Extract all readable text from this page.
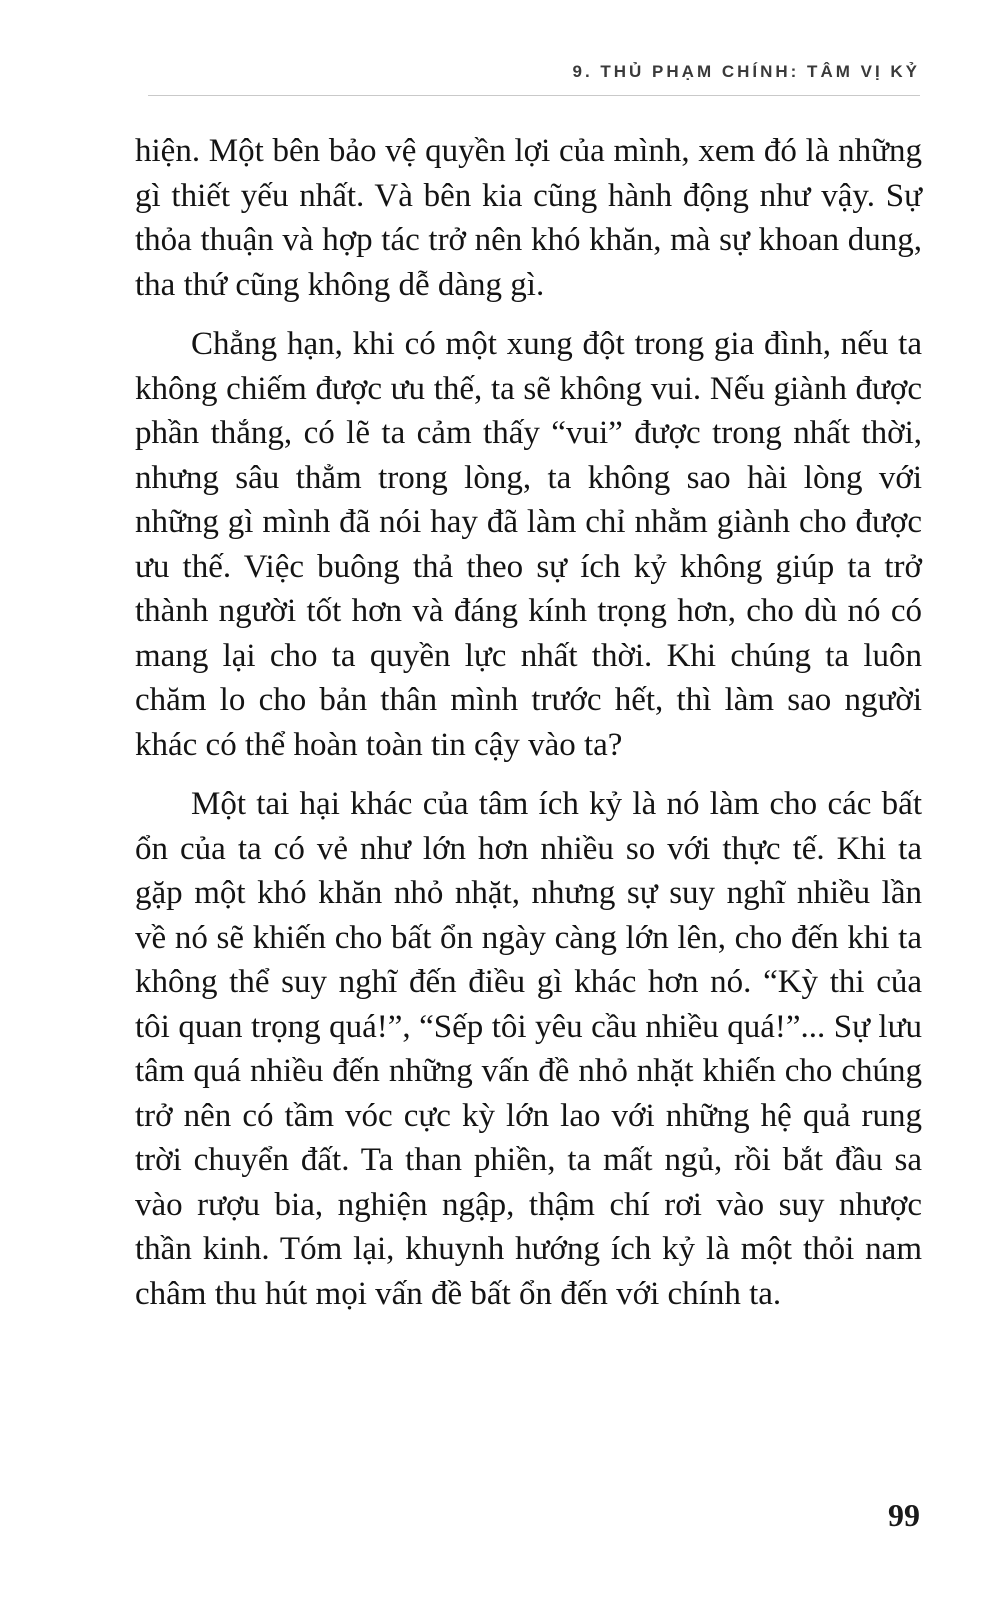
9. THỦ PHẠM CHÍNH: TÂM VỊ KỶ

hiện. Một bên bảo vệ quyền lợi của mình, xem đó là những gì thiết yếu nhất. Và bên kia cũng hành động như vậy. Sự thỏa thuận và hợp tác trở nên khó khăn, mà sự khoan dung, tha thứ cũng không dễ dàng gì.

Chẳng hạn, khi có một xung đột trong gia đình, nếu ta không chiếm được ưu thế, ta sẽ không vui. Nếu giành được phần thắng, có lẽ ta cảm thấy “vui” được trong nhất thời, nhưng sâu thẳm trong lòng, ta không sao hài lòng với những gì mình đã nói hay đã làm chỉ nhằm giành cho được ưu thế. Việc buông thả theo sự ích kỷ không giúp ta trở thành người tốt hơn và đáng kính trọng hơn, cho dù nó có mang lại cho ta quyền lực nhất thời. Khi chúng ta luôn chăm lo cho bản thân mình trước hết, thì làm sao người khác có thể hoàn toàn tin cậy vào ta?

Một tai hại khác của tâm ích kỷ là nó làm cho các bất ổn của ta có vẻ như lớn hơn nhiều so với thực tế. Khi ta gặp một khó khăn nhỏ nhặt, nhưng sự suy nghĩ nhiều lần về nó sẽ khiến cho bất ổn ngày càng lớn lên, cho đến khi ta không thể suy nghĩ đến điều gì khác hơn nó. “Kỳ thi của tôi quan trọng quá!”, “Sếp tôi yêu cầu nhiều quá!”... Sự lưu tâm quá nhiều đến những vấn đề nhỏ nhặt khiến cho chúng trở nên có tầm vóc cực kỳ lớn lao với những hệ quả rung trời chuyển đất. Ta than phiền, ta mất ngủ, rồi bắt đầu sa vào rượu bia, nghiện ngập, thậm chí rơi vào suy nhược thần kinh. Tóm lại, khuynh hướng ích kỷ là một thỏi nam châm thu hút mọi vấn đề bất ổn đến với chính ta.

99
